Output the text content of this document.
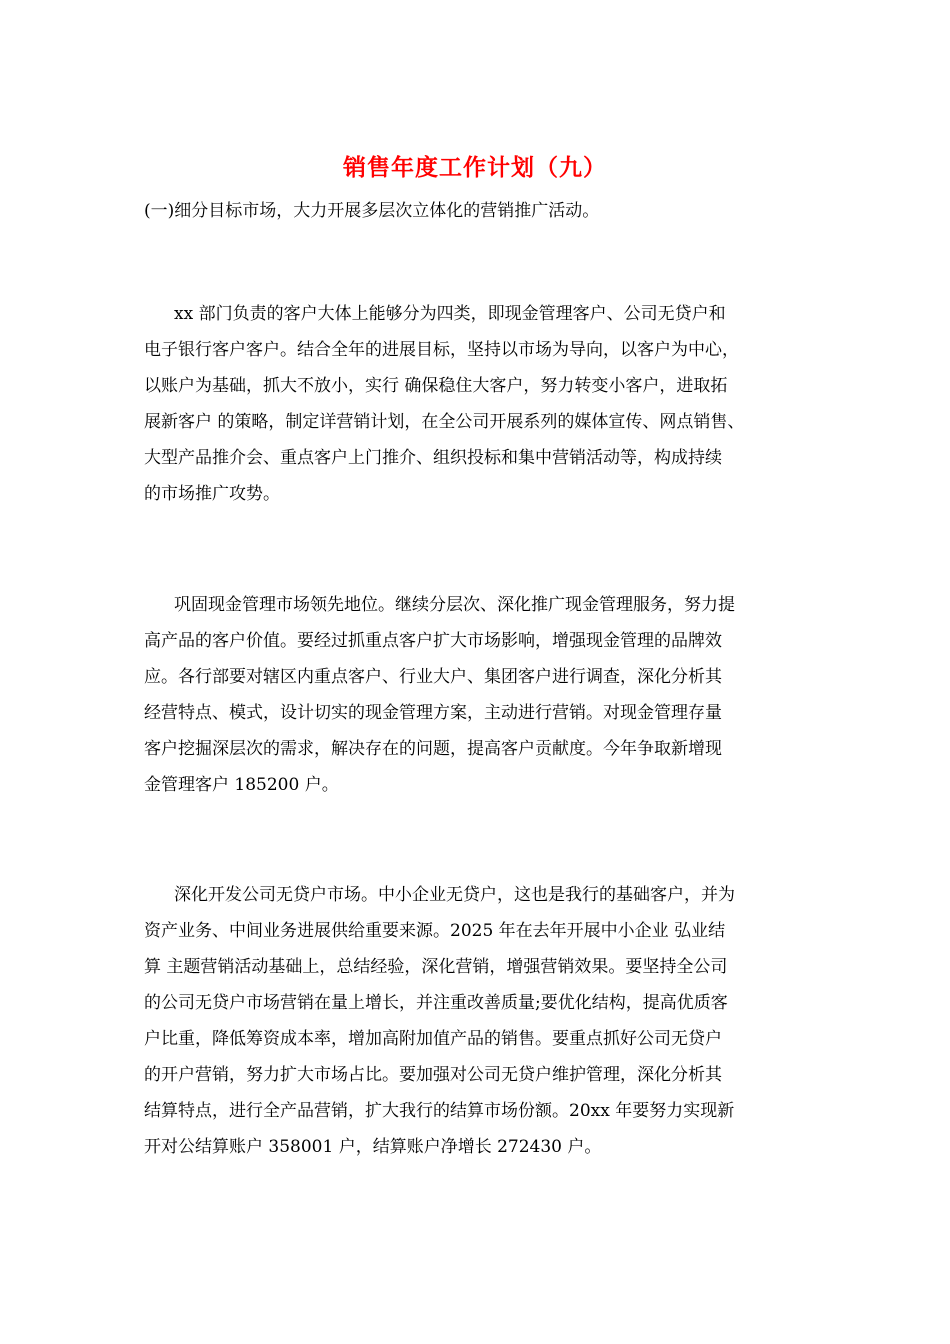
销售年度工作计划（九）
(一)细分目标市场，大力开展多层次立体化的营销推广活动。
xx 部门负责的客户大体上能够分为四类，即现金管理客户、公司无贷户和
电子银行客户客户。结合全年的进展目标，坚持以市场为导向，以客户为中心，
以账户为基础，抓大不放小，实行 确保稳住大客户，努力转变小客户，进取拓
展新客户 的策略，制定详营销计划，在全公司开展系列的媒体宣传、网点销售、
大型产品推介会、重点客户上门推介、组织投标和集中营销活动等，构成持续
的市场推广攻势。
巩固现金管理市场领先地位。继续分层次、深化推广现金管理服务，努力提
高产品的客户价值。要经过抓重点客户扩大市场影响，增强现金管理的品牌效
应。各行部要对辖区内重点客户、行业大户、集团客户进行调查，深化分析其
经营特点、模式，设计切实的现金管理方案，主动进行营销。对现金管理存量
客户挖掘深层次的需求，解决存在的问题，提高客户贡献度。今年争取新增现
金管理客户 185200 户。
深化开发公司无贷户市场。中小企业无贷户，这也是我行的基础客户，并为
资产业务、中间业务进展供给重要来源。2025 年在去年开展中小企业 弘业结
算 主题营销活动基础上，总结经验，深化营销，增强营销效果。要坚持全公司
的公司无贷户市场营销在量上增长，并注重改善质量;要优化结构，提高优质客
户比重，降低筹资成本率，增加高附加值产品的销售。要重点抓好公司无贷户
的开户营销，努力扩大市场占比。要加强对公司无贷户维护管理，深化分析其
结算特点，进行全产品营销，扩大我行的结算市场份额。20xx 年要努力实现新
开对公结算账户 358001 户，结算账户净增长 272430 户。
